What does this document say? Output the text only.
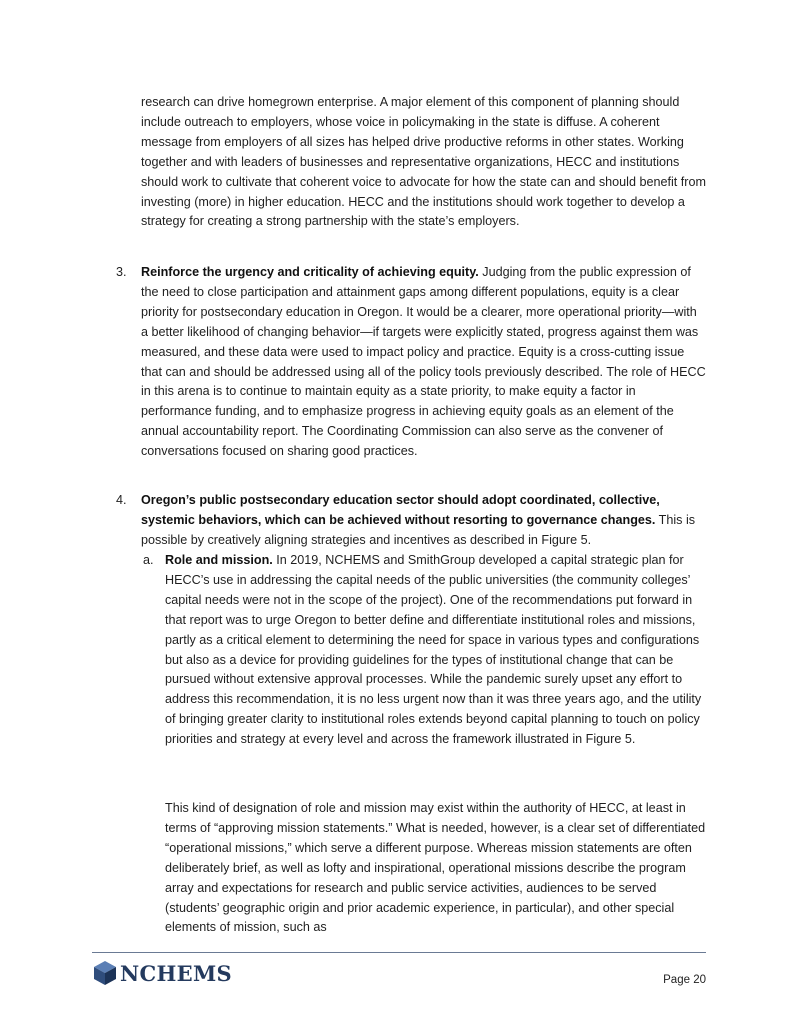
research can drive homegrown enterprise. A major element of this component of planning should include outreach to employers, whose voice in policymaking in the state is diffuse. A coherent message from employers of all sizes has helped drive productive reforms in other states. Working together and with leaders of businesses and representative organizations, HECC and institutions should work to cultivate that coherent voice to advocate for how the state can and should benefit from investing (more) in higher education. HECC and the institutions should work together to develop a strategy for creating a strong partnership with the state’s employers.

3. Reinforce the urgency and criticality of achieving equity. Judging from the public expression of the need to close participation and attainment gaps among different populations, equity is a clear priority for postsecondary education in Oregon. It would be a clearer, more operational priority—with a better likelihood of changing behavior—if targets were explicitly stated, progress against them was measured, and these data were used to impact policy and practice. Equity is a cross-cutting issue that can and should be addressed using all of the policy tools previously described. The role of HECC in this arena is to continue to maintain equity as a state priority, to make equity a factor in performance funding, and to emphasize progress in achieving equity goals as an element of the annual accountability report. The Coordinating Commission can also serve as the convener of conversations focused on sharing good practices.

4. Oregon’s public postsecondary education sector should adopt coordinated, collective, systemic behaviors, which can be achieved without resorting to governance changes. This is possible by creatively aligning strategies and incentives as described in Figure 5.

a. Role and mission. In 2019, NCHEMS and SmithGroup developed a capital strategic plan for HECC’s use in addressing the capital needs of the public universities (the community colleges’ capital needs were not in the scope of the project). One of the recommendations put forward in that report was to urge Oregon to better define and differentiate institutional roles and missions, partly as a critical element to determining the need for space in various types and configurations but also as a device for providing guidelines for the types of institutional change that can be pursued without extensive approval processes. While the pandemic surely upset any effort to address this recommendation, it is no less urgent now than it was three years ago, and the utility of bringing greater clarity to institutional roles extends beyond capital planning to touch on policy priorities and strategy at every level and across the framework illustrated in Figure 5.

This kind of designation of role and mission may exist within the authority of HECC, at least in terms of “approving mission statements.” What is needed, however, is a clear set of differentiated “operational missions,” which serve a different purpose. Whereas mission statements are often deliberately brief, as well as lofty and inspirational, operational missions describe the program array and expectations for research and public service activities, audiences to be served (students’ geographic origin and prior academic experience, in particular), and other special elements of mission, such as

NCHEMS	Page 20
